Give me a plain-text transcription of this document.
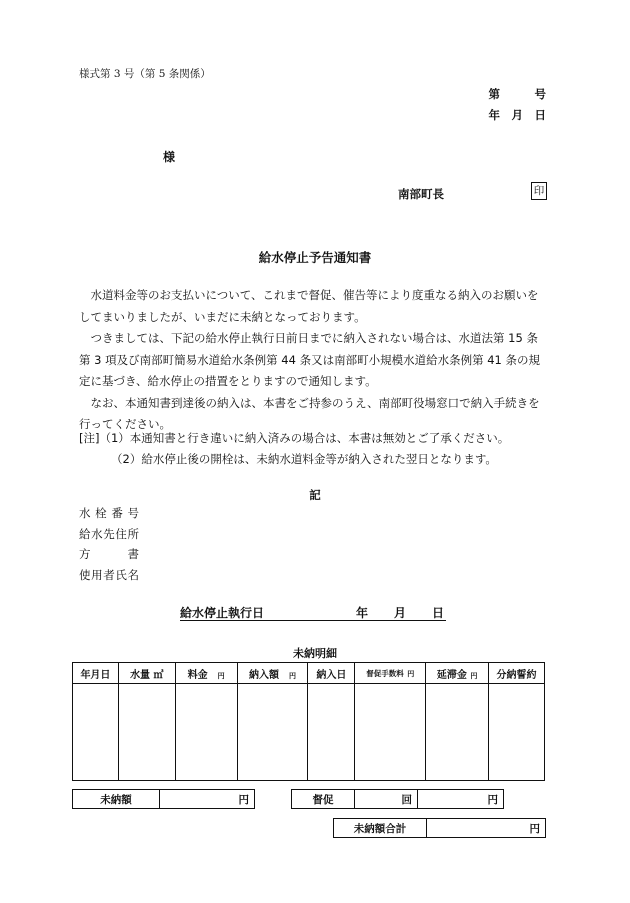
様式第 3 号（第 5 条関係）
第　　　号
年　月　日
様
南部町長	印
給水停止予告通知書

水道料金等のお支払いについて、これまで督促、催告等により度重なる納入のお願いをしてまいりましたが、いまだに未納となっております。

つきましては、下記の給水停止執行日前日までに納入されない場合は、水道法第 15 条第 3 項及び南部町簡易水道給水条例第 44 条又は南部町小規模水道給水条例第 41 条の規定に基づき、給水停止の措置をとりますので通知します。

なお、本通知書到達後の納入は、本書をご持参のうえ、南部町役場窓口で納入手続きを行ってください。

[注]（1）本通知書と行き違いに納入済みの場合は、本書は無効とご了承ください。
（2）給水停止後の開栓は、未納水道料金等が納入された翌日となります。
記
水栓番号
給水先住所
方書
使用者氏名
給水停止執行日	年 月 日
未納明細
年月日	水量 ㎥	料金　 円	納入額　 円	納入日	督促手数料 円	延滞金 円	分納誓約

未納額	円	督促	回	円
未納額合計	円
